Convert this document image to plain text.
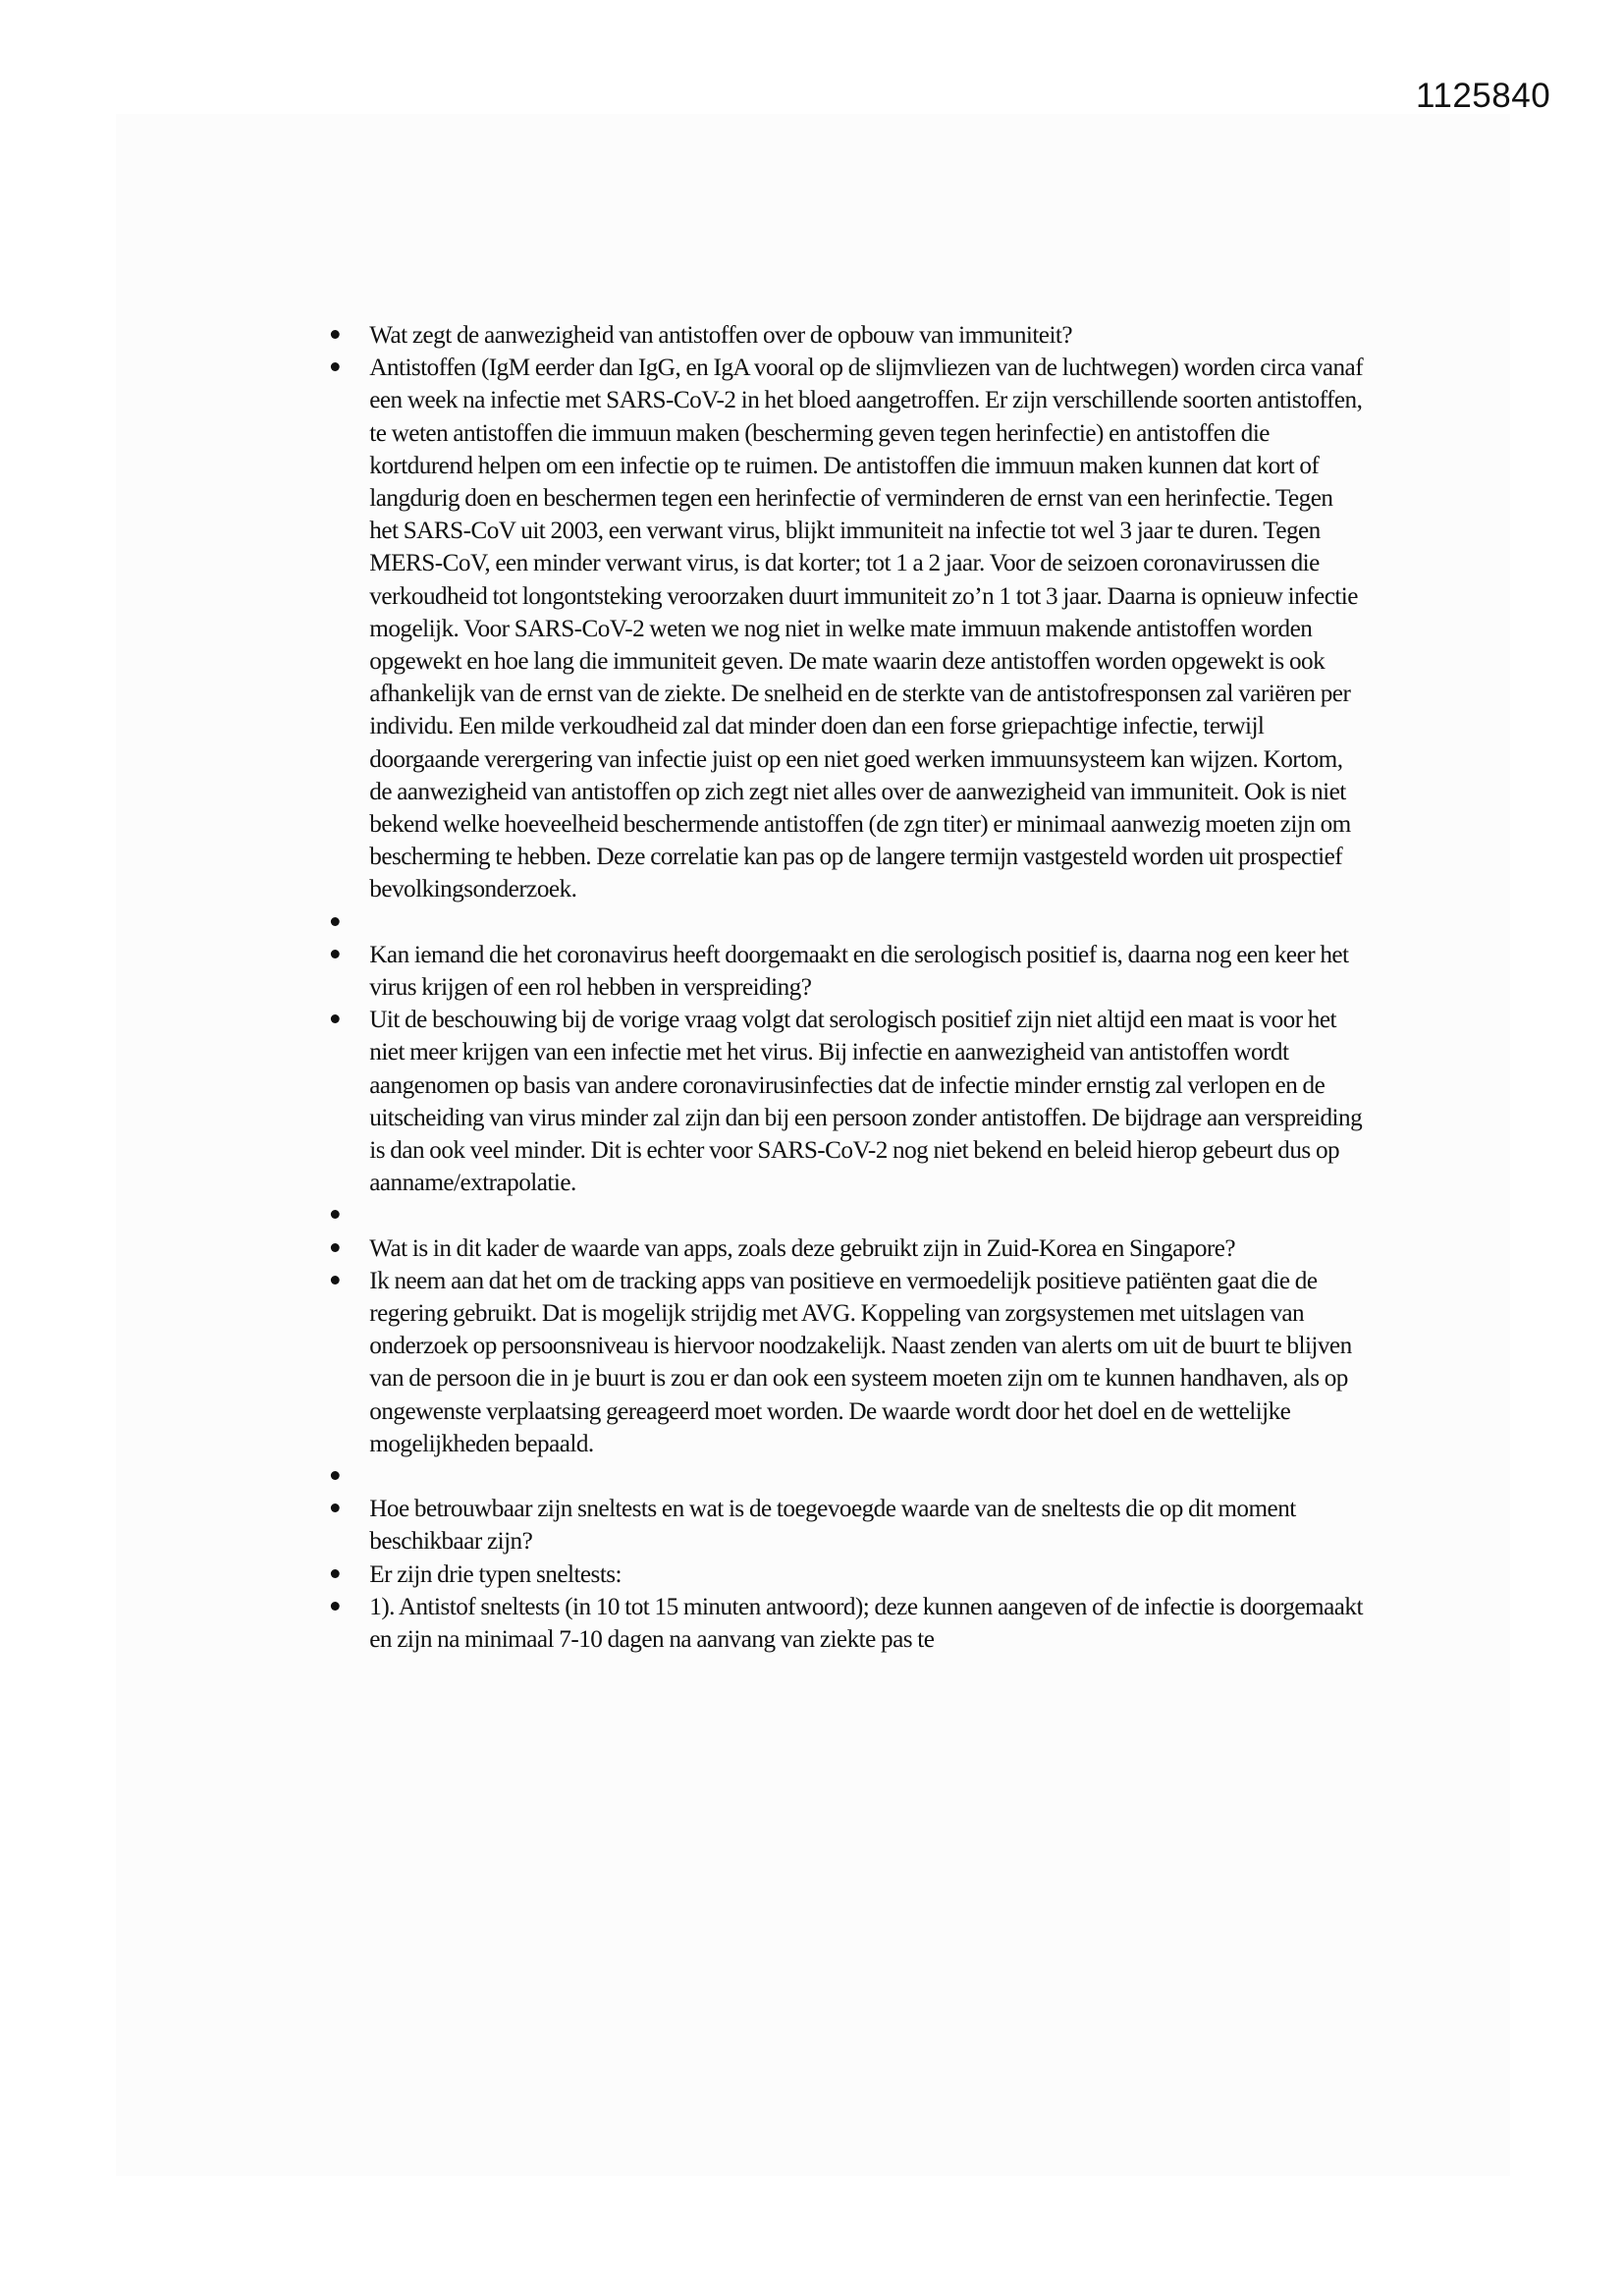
1125840
Wat zegt de aanwezigheid van antistoffen over de opbouw van immuniteit?
Antistoffen (IgM eerder dan IgG, en IgA vooral op de slijmvliezen van de luchtwegen) worden circa vanaf een week na infectie met SARS-CoV-2 in het bloed aangetroffen. Er zijn verschillende soorten antistoffen, te weten antistoffen die immuun maken (bescherming geven tegen herinfectie) en antistoffen die kortdurend helpen om een infectie op te ruimen. De antistoffen die immuun maken kunnen dat kort of langdurig doen en beschermen tegen een herinfectie of verminderen de ernst van een herinfectie. Tegen het SARS-CoV uit 2003, een verwant virus, blijkt immuniteit na infectie tot wel 3 jaar te duren. Tegen MERS-CoV, een minder verwant virus, is dat korter; tot 1 a 2 jaar. Voor de seizoen coronavirussen die verkoudheid tot longontsteking veroorzaken duurt immuniteit zo’n 1 tot 3 jaar. Daarna is opnieuw infectie mogelijk. Voor SARS-CoV-2 weten we nog niet in welke mate immuun makende antistoffen worden opgewekt en hoe lang die immuniteit geven. De mate waarin deze antistoffen worden opgewekt is ook afhankelijk van de ernst van de ziekte. De snelheid en de sterkte van de antistofresponsen zal variëren per individu. Een milde verkoudheid zal dat minder doen dan een forse griepachtige infectie, terwijl doorgaande verergering van infectie juist op een niet goed werken immuunsysteem kan wijzen. Kortom, de aanwezigheid van antistoffen op zich zegt niet alles over de aanwezigheid van immuniteit. Ook is niet bekend welke hoeveelheid beschermende antistoffen (de zgn titer) er minimaal aanwezig moeten zijn om bescherming te hebben. Deze correlatie kan pas op de langere termijn vastgesteld worden uit prospectief bevolkingsonderzoek.
Kan iemand die het coronavirus heeft doorgemaakt en die serologisch positief is, daarna nog een keer het virus krijgen of een rol hebben in verspreiding?
Uit de beschouwing bij de vorige vraag volgt dat serologisch positief zijn niet altijd een maat is voor het niet meer krijgen van een infectie met het virus. Bij infectie en aanwezigheid van antistoffen wordt aangenomen op basis van andere coronavirusinfecties dat de infectie minder ernstig zal verlopen en de uitscheiding van virus minder zal zijn dan bij een persoon zonder antistoffen. De bijdrage aan verspreiding is dan ook veel minder. Dit is echter voor SARS-CoV-2 nog niet bekend en beleid hierop gebeurt dus op aanname/extrapolatie.
Wat is in dit kader de waarde van apps, zoals deze gebruikt zijn in Zuid-Korea en Singapore?
Ik neem aan dat het om de tracking apps van positieve en vermoedelijk positieve patiënten gaat die de regering gebruikt. Dat is mogelijk strijdig met AVG. Koppeling van zorgsystemen met uitslagen van onderzoek op persoonsniveau is hiervoor noodzakelijk. Naast zenden van alerts om uit de buurt te blijven van de persoon die in je buurt is zou er dan ook een systeem moeten zijn om te kunnen handhaven, als op ongewenste verplaatsing gereageerd moet worden. De waarde wordt door het doel en de wettelijke mogelijkheden bepaald.
Hoe betrouwbaar zijn sneltests en wat is de toegevoegde waarde van de sneltests die op dit moment beschikbaar zijn?
Er zijn drie typen sneltests:
1). Antistof sneltests (in 10 tot 15 minuten antwoord); deze kunnen aangeven of de infectie is doorgemaakt en zijn na minimaal 7-10 dagen na aanvang van ziekte pas te
